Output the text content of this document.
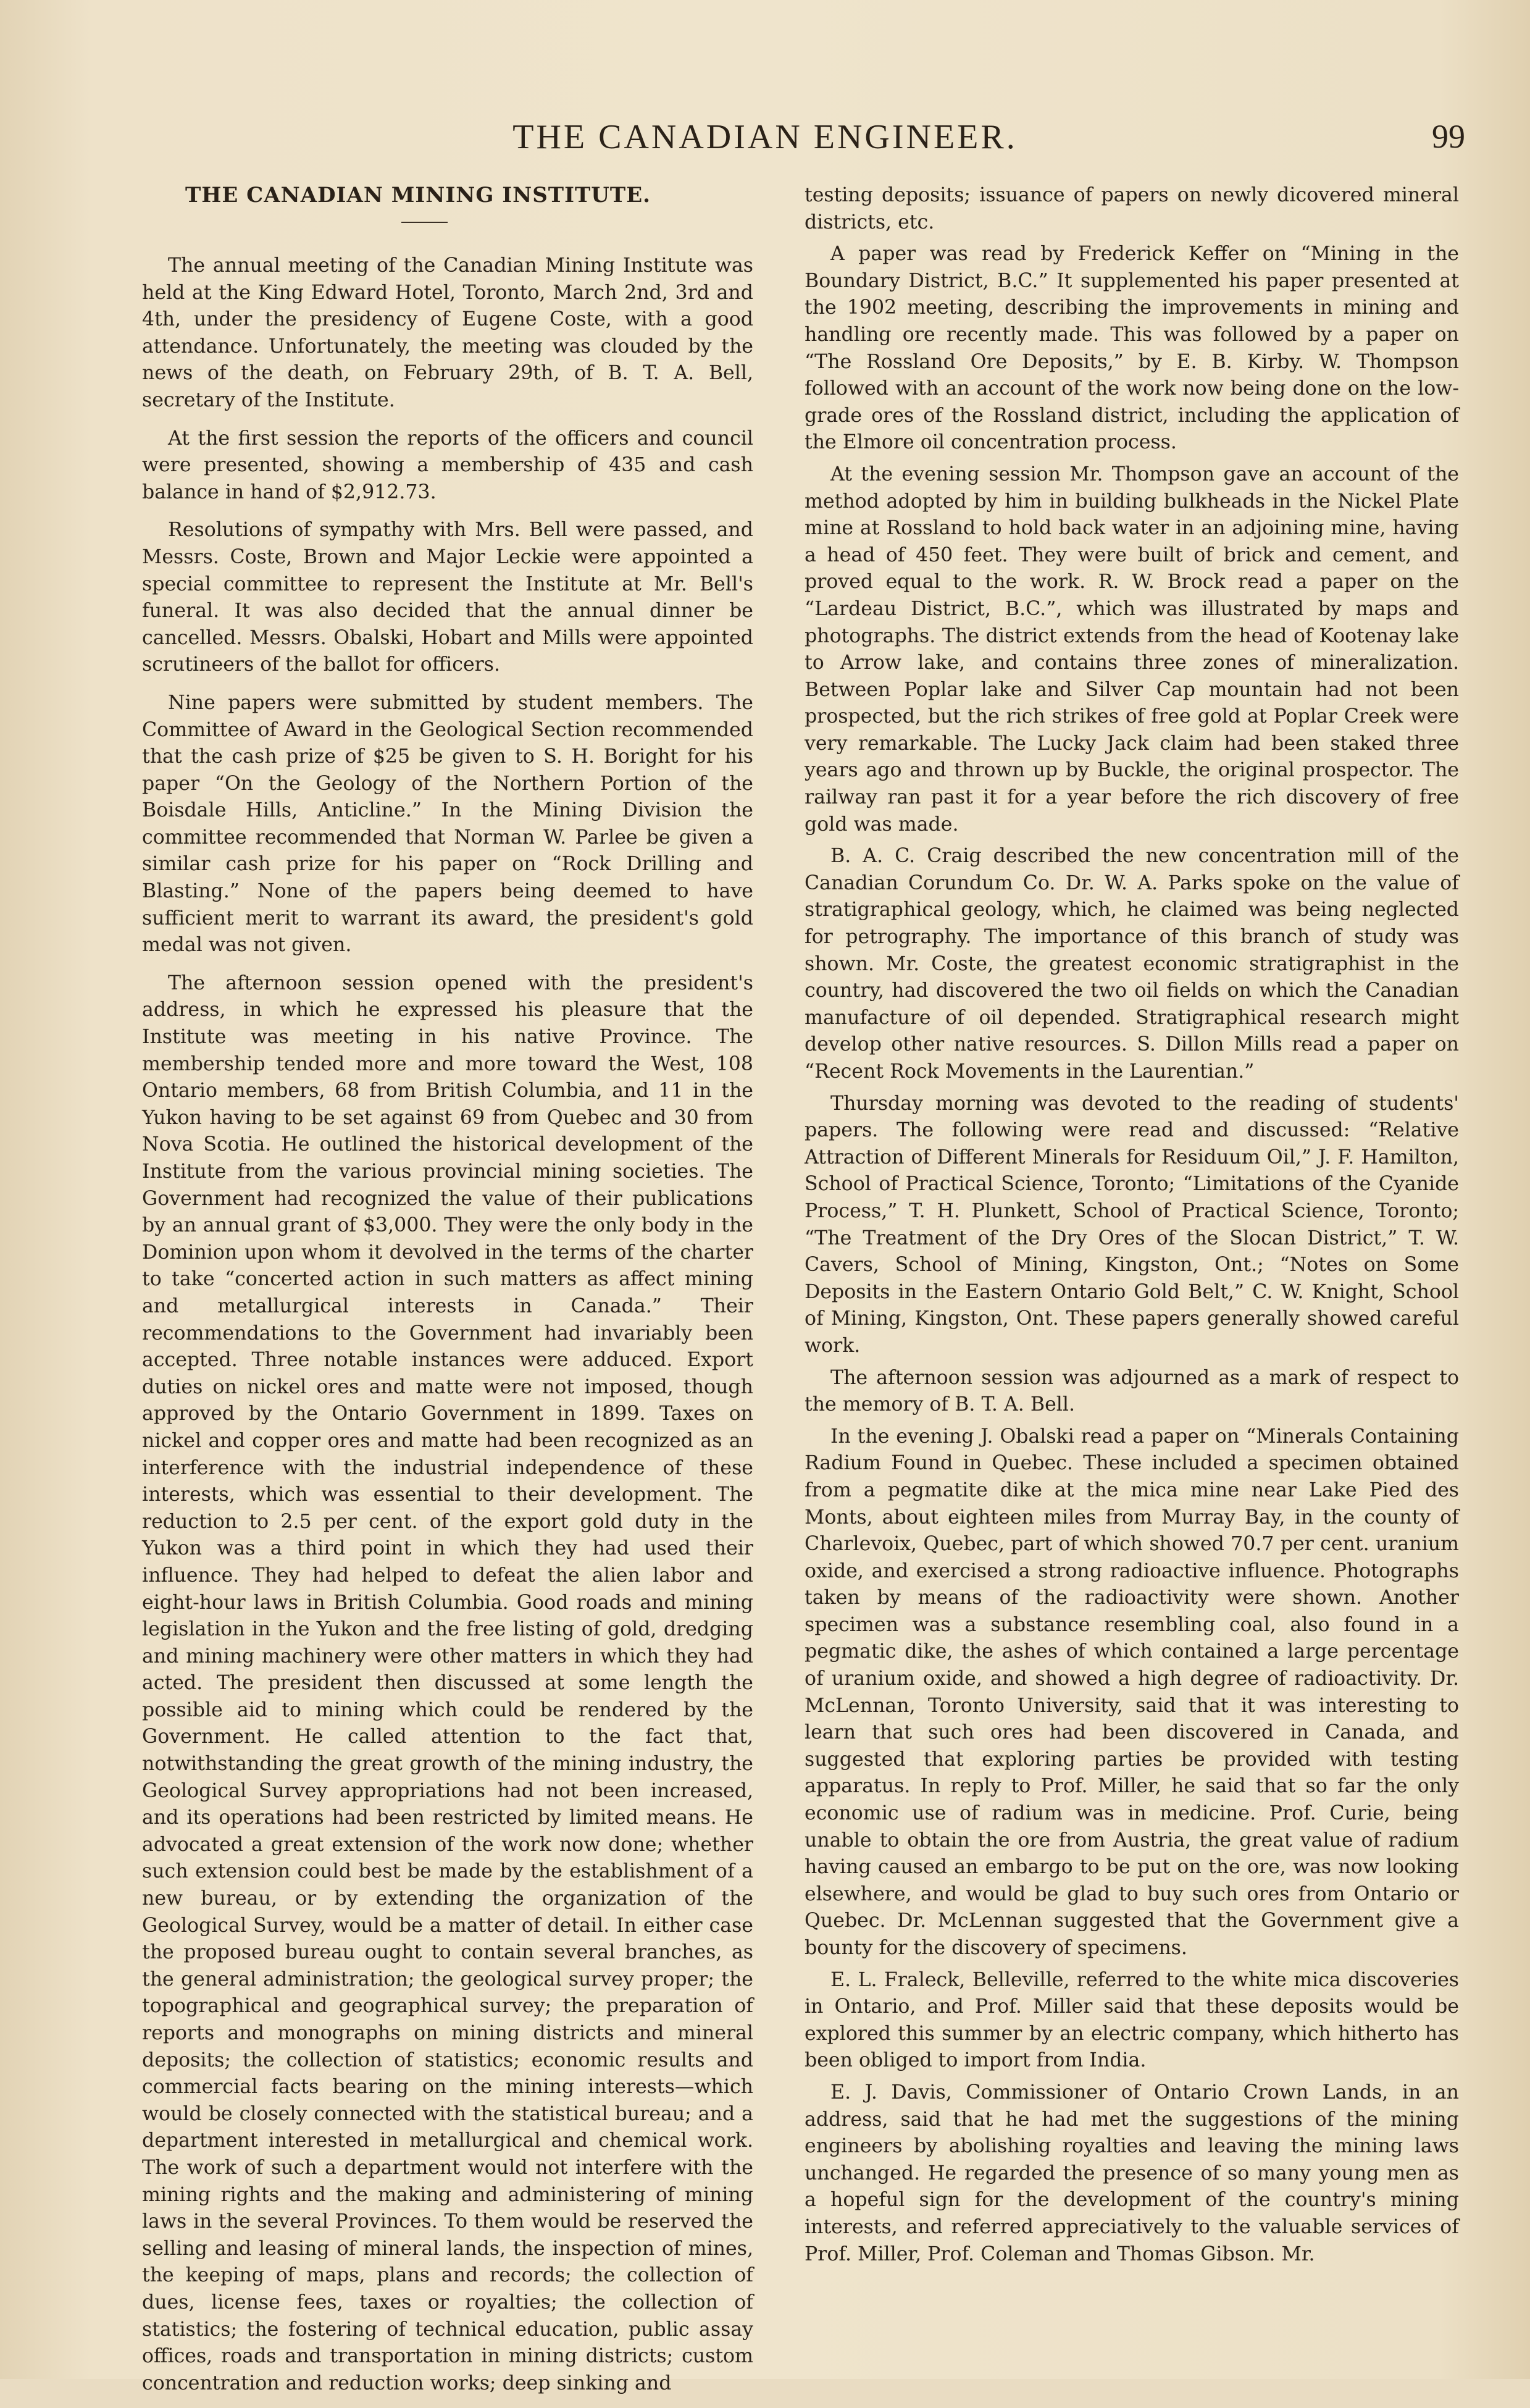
THE CANADIAN ENGINEER.	99
THE CANADIAN MINING INSTITUTE.

The annual meeting of the Canadian Mining Institute was held at the King Edward Hotel, Toronto, March 2nd, 3rd and 4th, under the presidency of Eugene Coste, with a good attendance. Unfortunately, the meeting was clouded by the news of the death, on February 29th, of B. T. A. Bell, secretary of the Institute.

At the first session the reports of the officers and council were presented, showing a membership of 435 and cash balance in hand of $2,912.73.

Resolutions of sympathy with Mrs. Bell were passed, and Messrs. Coste, Brown and Major Leckie were appointed a special committee to represent the Institute at Mr. Bell's funeral. It was also decided that the annual dinner be cancelled. Messrs. Obalski, Hobart and Mills were appointed scrutineers of the ballot for officers.

Nine papers were submitted by student members. The Committee of Award in the Geological Section recommended that the cash prize of $25 be given to S. H. Boright for his paper “On the Geology of the Northern Portion of the Boisdale Hills, Anticline.” In the Mining Division the committee recommended that Norman W. Parlee be given a similar cash prize for his paper on “Rock Drilling and Blasting.” None of the papers being deemed to have sufficient merit to warrant its award, the president's gold medal was not given.

The afternoon session opened with the president's address, in which he expressed his pleasure that the Institute was meeting in his native Province. The membership tended more and more toward the West, 108 Ontario members, 68 from British Columbia, and 11 in the Yukon having to be set against 69 from Quebec and 30 from Nova Scotia. He outlined the historical development of the Institute from the various provincial mining societies. The Government had recognized the value of their publications by an annual grant of $3,000. They were the only body in the Dominion upon whom it devolved in the terms of the charter to take “concerted action in such matters as affect mining and metallurgical interests in Canada.” Their recommendations to the Government had invariably been accepted. Three notable instances were adduced. Export duties on nickel ores and matte were not imposed, though approved by the Ontario Government in 1899. Taxes on nickel and copper ores and matte had been recognized as an interference with the industrial independence of these interests, which was essential to their development. The reduction to 2.5 per cent. of the export gold duty in the Yukon was a third point in which they had used their influence. They had helped to defeat the alien labor and eight-hour laws in British Columbia. Good roads and mining legislation in the Yukon and the free listing of gold, dredging and mining machinery were other matters in which they had acted. The president then discussed at some length the possible aid to mining which could be rendered by the Government. He called attention to the fact that, notwithstanding the great growth of the mining industry, the Geological Survey appropriations had not been increased, and its operations had been restricted by limited means. He advocated a great extension of the work now done; whether such extension could best be made by the establishment of a new bureau, or by extending the organization of the Geological Survey, would be a matter of detail. In either case the proposed bureau ought to contain several branches, as the general administration; the geological survey proper; the topographical and geographical survey; the preparation of reports and monographs on mining districts and mineral deposits; the collection of statistics; economic results and commercial facts bearing on the mining interests—which would be closely connected with the statistical bureau; and a department interested in metallurgical and chemical work. The work of such a department would not interfere with the mining rights and the making and administering of mining laws in the several Provinces. To them would be reserved the selling and leasing of mineral lands, the inspection of mines, the keeping of maps, plans and records; the collection of dues, license fees, taxes or royalties; the collection of statistics; the fostering of technical education, public assay offices, roads and transportation in mining districts; custom concentration and reduction works; deep sinking and

testing deposits; issuance of papers on newly dicovered mineral districts, etc.

A paper was read by Frederick Keffer on “Mining in the Boundary District, B.C.” It supplemented his paper presented at the 1902 meeting, describing the improvements in mining and handling ore recently made. This was followed by a paper on “The Rossland Ore Deposits,” by E. B. Kirby. W. Thompson followed with an account of the work now being done on the low-grade ores of the Rossland district, including the application of the Elmore oil concentration process.

At the evening session Mr. Thompson gave an account of the method adopted by him in building bulkheads in the Nickel Plate mine at Rossland to hold back water in an adjoining mine, having a head of 450 feet. They were built of brick and cement, and proved equal to the work. R. W. Brock read a paper on the “Lardeau District, B.C.”, which was illustrated by maps and photographs. The district extends from the head of Kootenay lake to Arrow lake, and contains three zones of mineralization. Between Poplar lake and Silver Cap mountain had not been prospected, but the rich strikes of free gold at Poplar Creek were very remarkable. The Lucky Jack claim had been staked three years ago and thrown up by Buckle, the original prospector. The railway ran past it for a year before the rich discovery of free gold was made.

B. A. C. Craig described the new concentration mill of the Canadian Corundum Co. Dr. W. A. Parks spoke on the value of stratigraphical geology, which, he claimed was being neglected for petrography. The importance of this branch of study was shown. Mr. Coste, the greatest economic stratigraphist in the country, had discovered the two oil fields on which the Canadian manufacture of oil depended. Stratigraphical research might develop other native resources. S. Dillon Mills read a paper on “Recent Rock Movements in the Laurentian.”

Thursday morning was devoted to the reading of students' papers. The following were read and discussed: “Relative Attraction of Different Minerals for Residuum Oil,” J. F. Hamilton, School of Practical Science, Toronto; “Limitations of the Cyanide Process,” T. H. Plunkett, School of Practical Science, Toronto; “The Treatment of the Dry Ores of the Slocan District,” T. W. Cavers, School of Mining, Kingston, Ont.; “Notes on Some Deposits in the Eastern Ontario Gold Belt,” C. W. Knight, School of Mining, Kingston, Ont. These papers generally showed careful work.

The afternoon session was adjourned as a mark of respect to the memory of B. T. A. Bell.

In the evening J. Obalski read a paper on “Minerals Containing Radium Found in Quebec. These included a specimen obtained from a pegmatite dike at the mica mine near Lake Pied des Monts, about eighteen miles from Murray Bay, in the county of Charlevoix, Quebec, part of which showed 70.7 per cent. uranium oxide, and exercised a strong radioactive influence. Photographs taken by means of the radioactivity were shown. Another specimen was a substance resembling coal, also found in a pegmatic dike, the ashes of which contained a large percentage of uranium oxide, and showed a high degree of radioactivity. Dr. McLennan, Toronto University, said that it was interesting to learn that such ores had been discovered in Canada, and suggested that exploring parties be provided with testing apparatus. In reply to Prof. Miller, he said that so far the only economic use of radium was in medicine. Prof. Curie, being unable to obtain the ore from Austria, the great value of radium having caused an embargo to be put on the ore, was now looking elsewhere, and would be glad to buy such ores from Ontario or Quebec. Dr. McLennan suggested that the Government give a bounty for the discovery of specimens.

E. L. Fraleck, Belleville, referred to the white mica discoveries in Ontario, and Prof. Miller said that these deposits would be explored this summer by an electric company, which hitherto has been obliged to import from India.

E. J. Davis, Commissioner of Ontario Crown Lands, in an address, said that he had met the suggestions of the mining engineers by abolishing royalties and leaving the mining laws unchanged. He regarded the presence of so many young men as a hopeful sign for the development of the country's mining interests, and referred appreciatively to the valuable services of Prof. Miller, Prof. Coleman and Thomas Gibson. Mr.
